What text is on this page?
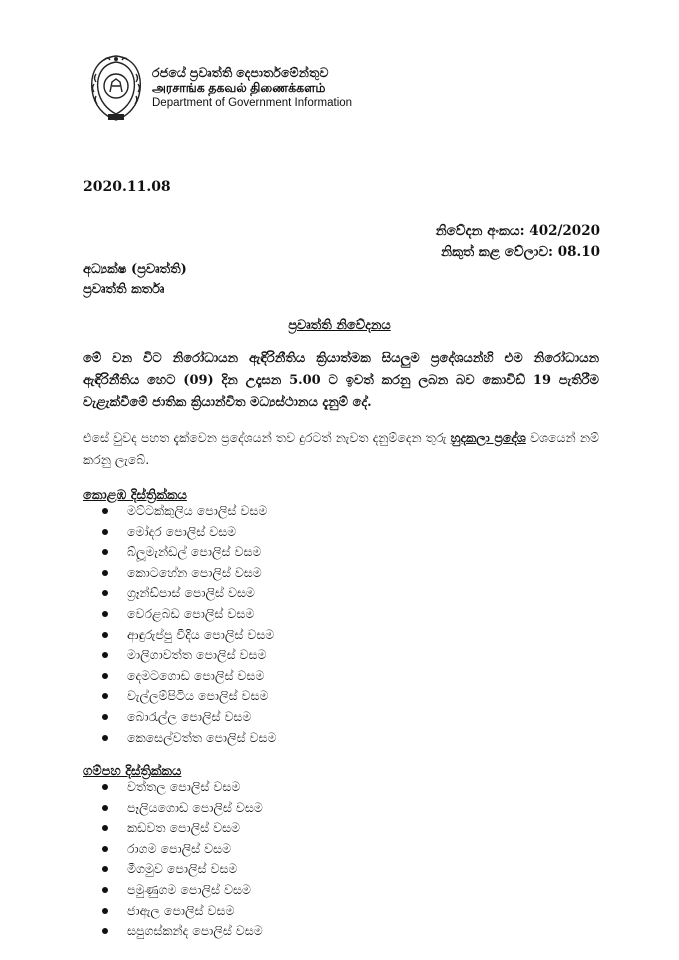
රජයේ ප්‍රවෘත්ති දෙපාර්තමේන්තුව
அரசாங்க தகவல் திணைக்களம்
Department of Government Information
2020.11.08
නිවේදන අංකය: 402/2020
නිකුත් කළ වේලාව: 08.10
අධ්‍යක්ෂ (ප්‍රවෘත්ති)
ප්‍රවෘත්ති කර්තෘ
ප්‍රවෘත්ති නිවේදනය
මේ වන විට නිරෝධායන ඇඳිරිනීතිය ක්‍රියාත්මක සියලුම ප්‍රදේශයන්හි එම නිරෝධායන ඇඳිරිනීතිය හෙට (09) දින උදෑසන 5.00 ට ඉවත් කරනු ලබන බව කොවිඩ් 19 පැතිරීම වැළැක්වීමේ ජාතික ක්‍රියාන්විත මධ්‍යස්ථානය දැනුම් දේ.
එසේ වුවද පහත දැක්වෙන ප්‍රදේශයන් තව දුරටත් නැවත දනුම්දෙන තුරු හුදකලා ප්‍රදේශ වශයෙන් නම් කරනු ලැබේ.
කොළඹ දිස්ත්‍රික්කය
මට්ටක්කුලිය පොලිස් වසම
මෝදර පොලිස් වසම
බ්ලූමැන්ඩල් පොලිස් වසම
කොටහේන පොලිස් වසම
ග්‍රෑන්ඩ්පාස් පොලිස් වසම
වෙරළබඩ පොලිස් වසම
ආඳුරුප්පු වීදිය පොලිස් වසම
මාලිගාවත්ත පොලිස් වසම
දෙමටගොඩ පොලිස් වසම
වැල්ලම්පිටිය පොලිස් වසම
බොරැල්ල පොලිස් වසම
කෙසෙල්වත්ත පොලිස් වසම
ගම්පහ දිස්ත්‍රික්කය
වත්තල පොලිස් වසම
පෑලියගොඩ පොලිස් වසම
කඩවත පොලිස් වසම
රාගම පොලිස් වසම
මීගමුව පොලිස් වසම
පමුණුගම පොලිස් වසම
ජාඇල පොලිස් වසම
සපුගස්කන්ද පොලිස් වසම
